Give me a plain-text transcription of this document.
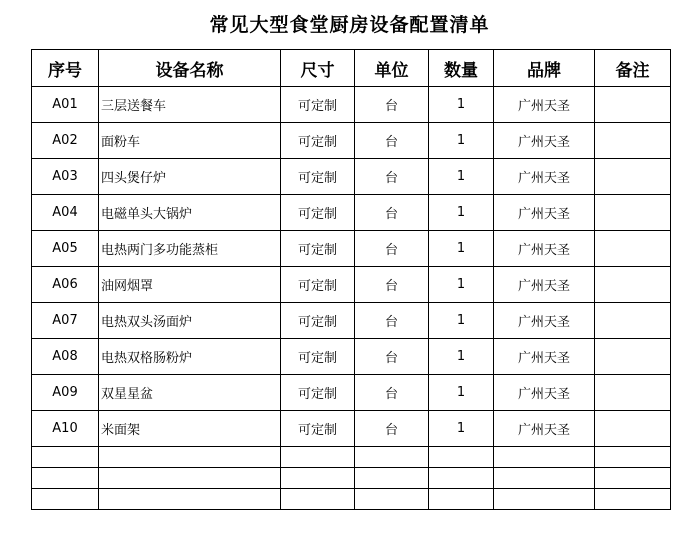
常见大型食堂厨房设备配置清单
序号	设备名称	尺寸	单位	数量	品牌	备注
A01	三层送餐车	可定制	台	1	广州天圣	
A02	面粉车	可定制	台	1	广州天圣	
A03	四头煲仔炉	可定制	台	1	广州天圣	
A04	电磁单头大锅炉	可定制	台	1	广州天圣	
A05	电热两门多功能蒸柜	可定制	台	1	广州天圣	
A06	油网烟罩	可定制	台	1	广州天圣	
A07	电热双头汤面炉	可定制	台	1	广州天圣	
A08	电热双格肠粉炉	可定制	台	1	广州天圣	
A09	双星星盆	可定制	台	1	广州天圣	
A10	米面架	可定制	台	1	广州天圣	
